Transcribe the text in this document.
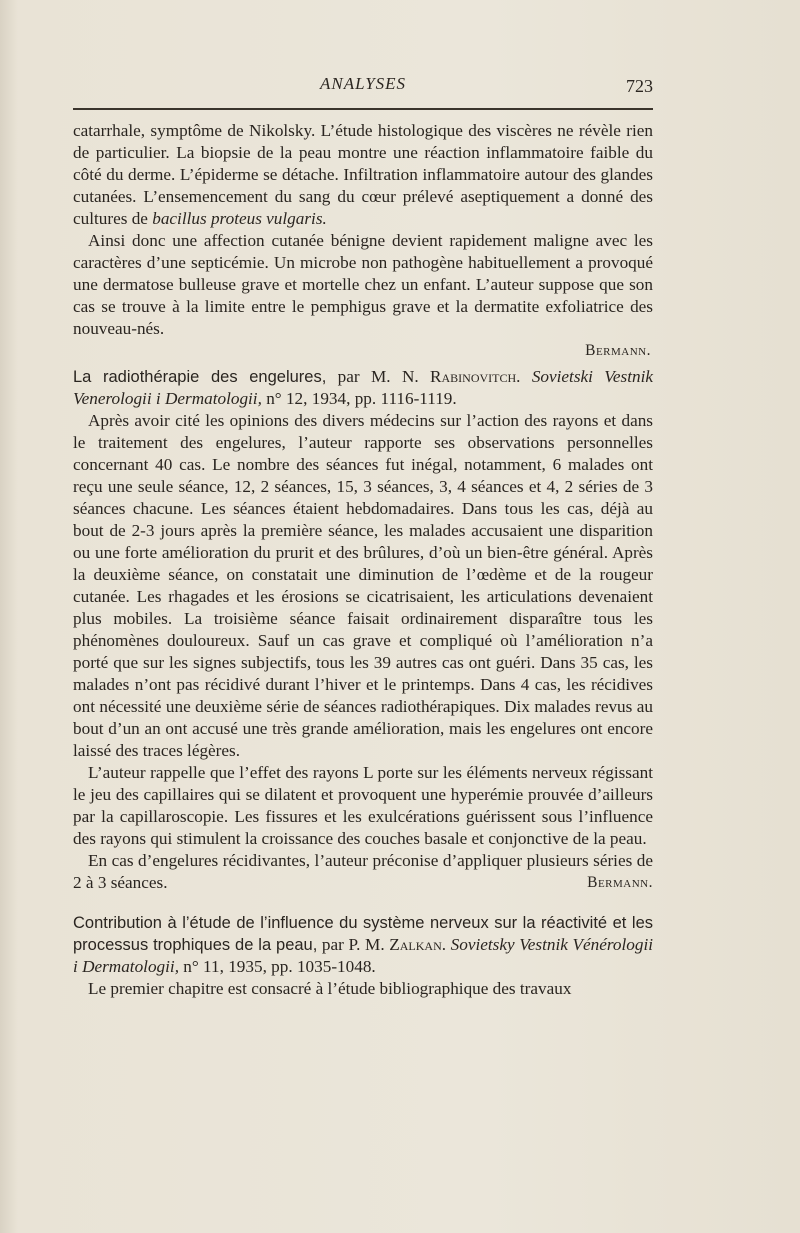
ANALYSES	723

catarrhale, symptôme de Nikolsky. L’étude histologique des viscères ne révèle rien de particulier. La biopsie de la peau montre une réaction inflammatoire faible du côté du derme. L’épiderme se détache. Infiltration inflammatoire autour des glandes cutanées. L’ensemencement du sang du cœur prélevé aseptiquement a donné des cultures de bacillus proteus vulgaris.

Ainsi donc une affection cutanée bénigne devient rapidement maligne avec les caractères d’une septicémie. Un microbe non pathogène habituellement a provoqué une dermatose bulleuse grave et mortelle chez un enfant. L’auteur suppose que son cas se trouve à la limite entre le pemphigus grave et la dermatite exfoliatrice des nouveau-nés.

Bermann.

La radiothérapie des engelures, par M. N. Rabinovitch. Sovietski Vestnik Venerologii i Dermatologii, n° 12, 1934, pp. 1116-1119.

Après avoir cité les opinions des divers médecins sur l’action des rayons et dans le traitement des engelures, l’auteur rapporte ses observations personnelles concernant 40 cas. Le nombre des séances fut inégal, notamment, 6 malades ont reçu une seule séance, 12, 2 séances, 15, 3 séances, 3, 4 séances et 4, 2 séries de 3 séances chacune. Les séances étaient hebdomadaires. Dans tous les cas, déjà au bout de 2-3 jours après la première séance, les malades accusaient une disparition ou une forte amélioration du prurit et des brûlures, d’où un bien-être général. Après la deuxième séance, on constatait une diminution de l’œdème et de la rougeur cutanée. Les rhagades et les érosions se cicatrisaient, les articulations devenaient plus mobiles. La troisième séance faisait ordinairement disparaître tous les phénomènes douloureux. Sauf un cas grave et compliqué où l’amélioration n’a porté que sur les signes subjectifs, tous les 39 autres cas ont guéri. Dans 35 cas, les malades n’ont pas récidivé durant l’hiver et le printemps. Dans 4 cas, les récidives ont nécessité une deuxième série de séances radiothérapiques. Dix malades revus au bout d’un an ont accusé une très grande amélioration, mais les engelures ont encore laissé des traces légères.

L’auteur rappelle que l’effet des rayons L porte sur les éléments nerveux régissant le jeu des capillaires qui se dilatent et provoquent une hyperémie prouvée d’ailleurs par la capillaroscopie. Les fissures et les exulcérations guérissent sous l’influence des rayons qui stimulent la croissance des couches basale et conjonctive de la peau.

En cas d’engelures récidivantes, l’auteur préconise d’appliquer plusieurs séries de 2 à 3 séances.	Bermann.

Contribution à l’étude de l’influence du système nerveux sur la réactivité et les processus trophiques de la peau, par P. M. Zalkan. Sovietsky Vestnik Vénérologii i Dermatologii, n° 11, 1935, pp. 1035-1048.

Le premier chapitre est consacré à l’étude bibliographique des travaux
